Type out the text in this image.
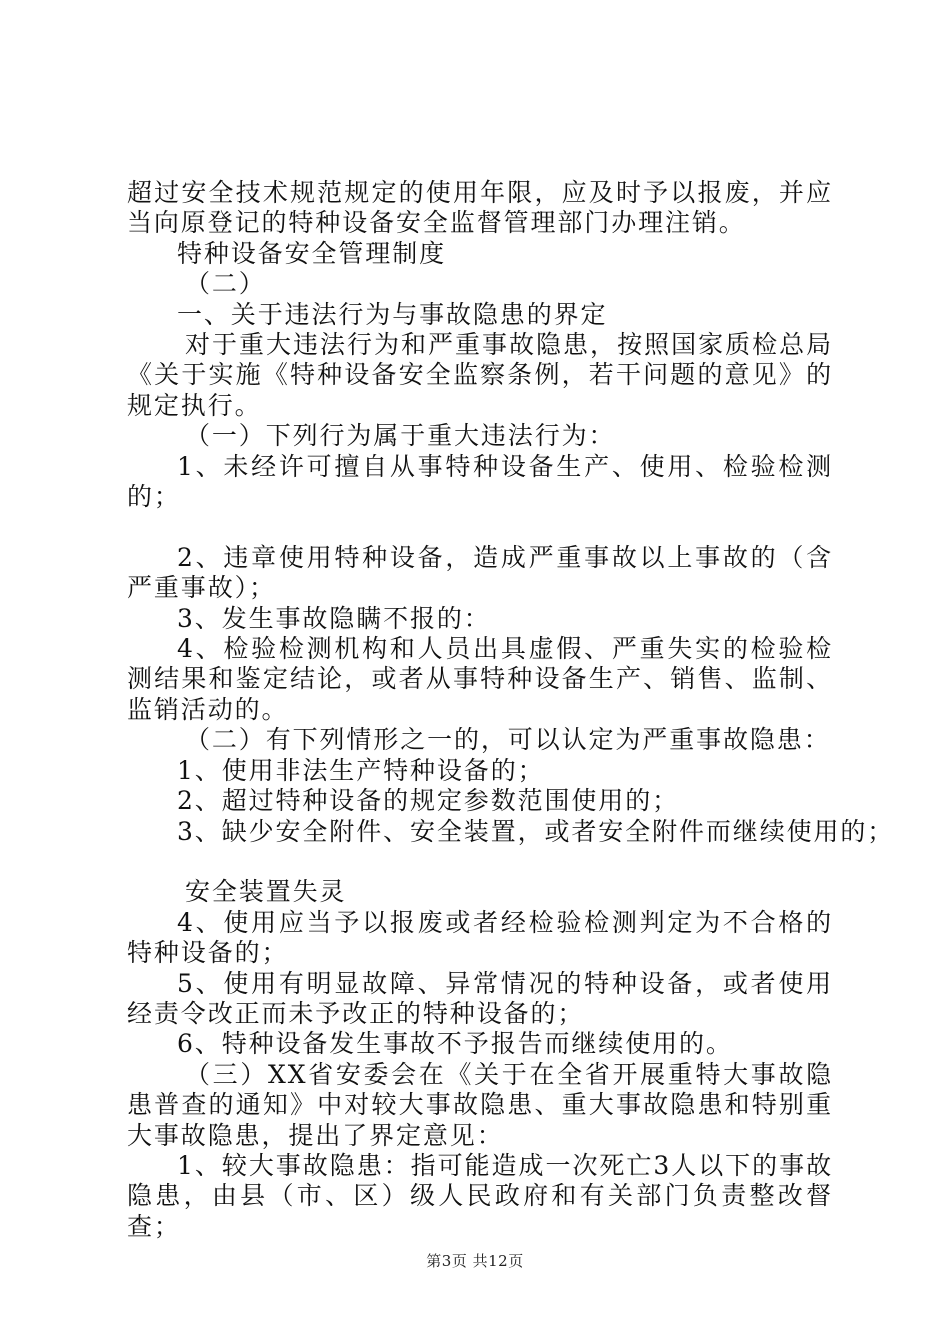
超过安全技术规范规定的使用年限，应及时予以报废，并应当向原登记的特种设备安全监督管理部门办理注销。

特种设备安全管理制度

（二）

一、关于违法行为与事故隐患的界定

对于重大违法行为和严重事故隐患，按照国家质检总局《关于实施《特种设备安全监察条例，若干问题的意见》的规定执行。

（一）下列行为属于重大违法行为：

1、未经许可擅自从事特种设备生产、使用、检验检测的；

2、违章使用特种设备，造成严重事故以上事故的（含严重事故）；

3、发生事故隐瞒不报的：

4、检验检测机构和人员出具虚假、严重失实的检验检测结果和鉴定结论，或者从事特种设备生产、销售、监制、监销活动的。

（二）有下列情形之一的，可以认定为严重事故隐患：

1、使用非法生产特种设备的；

2、超过特种设备的规定参数范围使用的；

3、缺少安全附件、安全装置，或者安全附件而继续使用的；

安全装置失灵

4、使用应当予以报废或者经检验检测判定为不合格的特种设备的；

5、使用有明显故障、异常情况的特种设备，或者使用经责令改正而未予改正的特种设备的；

6、特种设备发生事故不予报告而继续使用的。

（三）XX省安委会在《关于在全省开展重特大事故隐患普查的通知》中对较大事故隐患、重大事故隐患和特别重大事故隐患，提出了界定意见：

1、较大事故隐患：指可能造成一次死亡3人以下的事故隐患，由县（市、区）级人民政府和有关部门负责整改督查；

第3页 共12页
